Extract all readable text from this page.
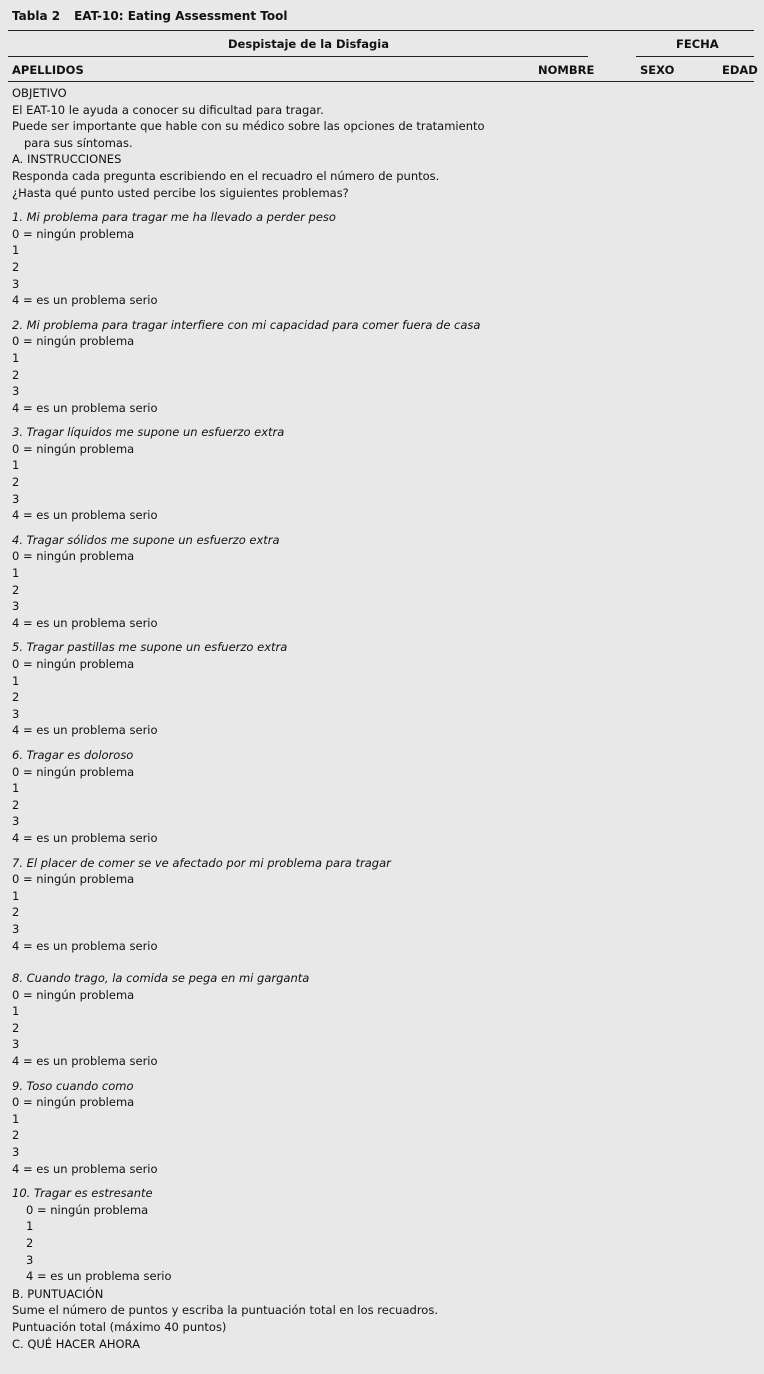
Tabla 2 EAT-10: Eating Assessment Tool
Despistaje de la Disfagia	FECHA
APELLIDOS	NOMBRE	SEXO	EDAD
OBJETIVO
El EAT-10 le ayuda a conocer su dificultad para tragar.
Puede ser importante que hable con su médico sobre las opciones de tratamiento
para sus síntomas.
A. INSTRUCCIONES
Responda cada pregunta escribiendo en el recuadro el número de puntos.
¿Hasta qué punto usted percibe los siguientes problemas?
1. Mi problema para tragar me ha llevado a perder peso
0 = ningún problema
1
2
3
4 = es un problema serio
2. Mi problema para tragar interfiere con mi capacidad para comer fuera de casa
0 = ningún problema
1
2
3
4 = es un problema serio
3. Tragar líquidos me supone un esfuerzo extra
0 = ningún problema
1
2
3
4 = es un problema serio
4. Tragar sólidos me supone un esfuerzo extra
0 = ningún problema
1
2
3
4 = es un problema serio
5. Tragar pastillas me supone un esfuerzo extra
0 = ningún problema
1
2
3
4 = es un problema serio
6. Tragar es doloroso
0 = ningún problema
1
2
3
4 = es un problema serio
7. El placer de comer se ve afectado por mi problema para tragar
0 = ningún problema
1
2
3
4 = es un problema serio
8. Cuando trago, la comida se pega en mi garganta
0 = ningún problema
1
2
3
4 = es un problema serio
9. Toso cuando como
0 = ningún problema
1
2
3
4 = es un problema serio
10. Tragar es estresante
0 = ningún problema
1
2
3
4 = es un problema serio
B. PUNTUACIÓN
Sume el número de puntos y escriba la puntuación total en los recuadros.
Puntuación total (máximo 40 puntos)
C. QUÉ HACER AHORA
